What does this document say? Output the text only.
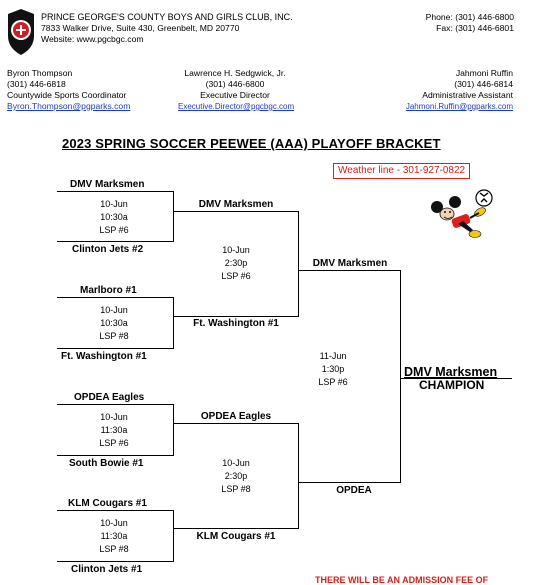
PRINCE GEORGE'S COUNTY BOYS AND GIRLS CLUB, INC.
7833 Walker Drive, Suite 430, Greenbelt, MD 20770
Website: www.pgcbgc.com
Phone: (301) 446-6800
Fax: (301) 446-6801
Byron Thompson
(301) 446-6818
Countywide Sports Coordinator
Byron.Thompson@pgparks.com
Lawrence H. Sedgwick, Jr.
(301) 446-6800
Executive Director
Executive.Director@pgcbgc.com
Jahmoni Ruffin
(301) 446-6814
Administrative Assistant
Jahmoni.Ruffin@pgparks.com
2023 SPRING SOCCER PEEWEE (AAA) PLAYOFF BRACKET
Weather line - 301-927-0822
DMV Marksmen
10-Jun
10:30a
LSP #6
Clinton Jets #2
Marlboro #1
10-Jun
10:30a
LSP #8
Ft. Washington #1
OPDEA Eagles
10-Jun
11:30a
LSP #6
South Bowie #1
KLM Cougars #1
10-Jun
11:30a
LSP #8
Clinton Jets #1
DMV Marksmen
10-Jun
2:30p
LSP #6
Ft. Washington #1
OPDEA Eagles
10-Jun
2:30p
LSP #8
KLM Cougars #1
DMV Marksmen
11-Jun
1:30p
LSP #6
OPDEA
DMV Marksmen
CHAMPION
THERE WILL BE AN ADMISSION FEE OF
